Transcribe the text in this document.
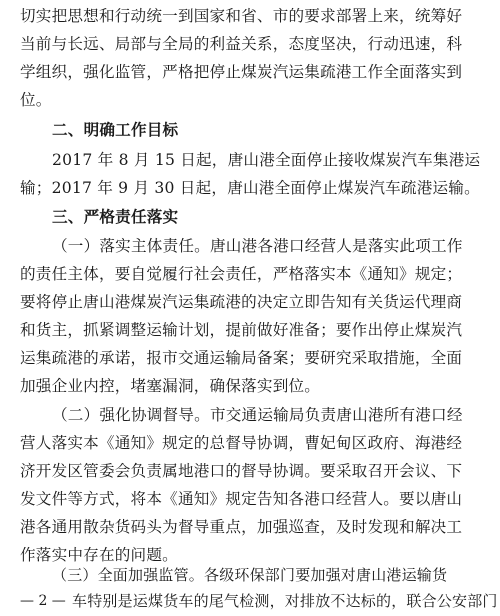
切实把思想和行动统一到国家和省、市的要求部署上来，统筹好
当前与长远、局部与全局的利益关系，态度坚决，行动迅速，科
学组织，强化监管，严格把停止煤炭汽运集疏港工作全面落实到
位。
二、明确工作目标
2017 年 8 月 15 日起，唐山港全面停止接收煤炭汽车集港运
输；2017 年 9 月 30 日起，唐山港全面停止煤炭汽车疏港运输。
三、严格责任落实
（一）落实主体责任。唐山港各港口经营人是落实此项工作
的责任主体，要自觉履行社会责任，严格落实本《通知》规定；
要将停止唐山港煤炭汽运集疏港的决定立即告知有关货运代理商
和货主，抓紧调整运输计划，提前做好准备；要作出停止煤炭汽
运集疏港的承诺，报市交通运输局备案；要研究采取措施，全面
加强企业内控，堵塞漏洞，确保落实到位。
（二）强化协调督导。市交通运输局负责唐山港所有港口经
营人落实本《通知》规定的总督导协调，曹妃甸区政府、海港经
济开发区管委会负责属地港口的督导协调。要采取召开会议、下
发文件等方式，将本《通知》规定告知各港口经营人。要以唐山
港各通用散杂货码头为督导重点，加强巡查，及时发现和解决工
作落实中存在的问题。
（三）全面加强监管。各级环保部门要加强对唐山港运输货
— 2 — 车特别是运煤货车的尾气检测，对排放不达标的，联合公安部门
